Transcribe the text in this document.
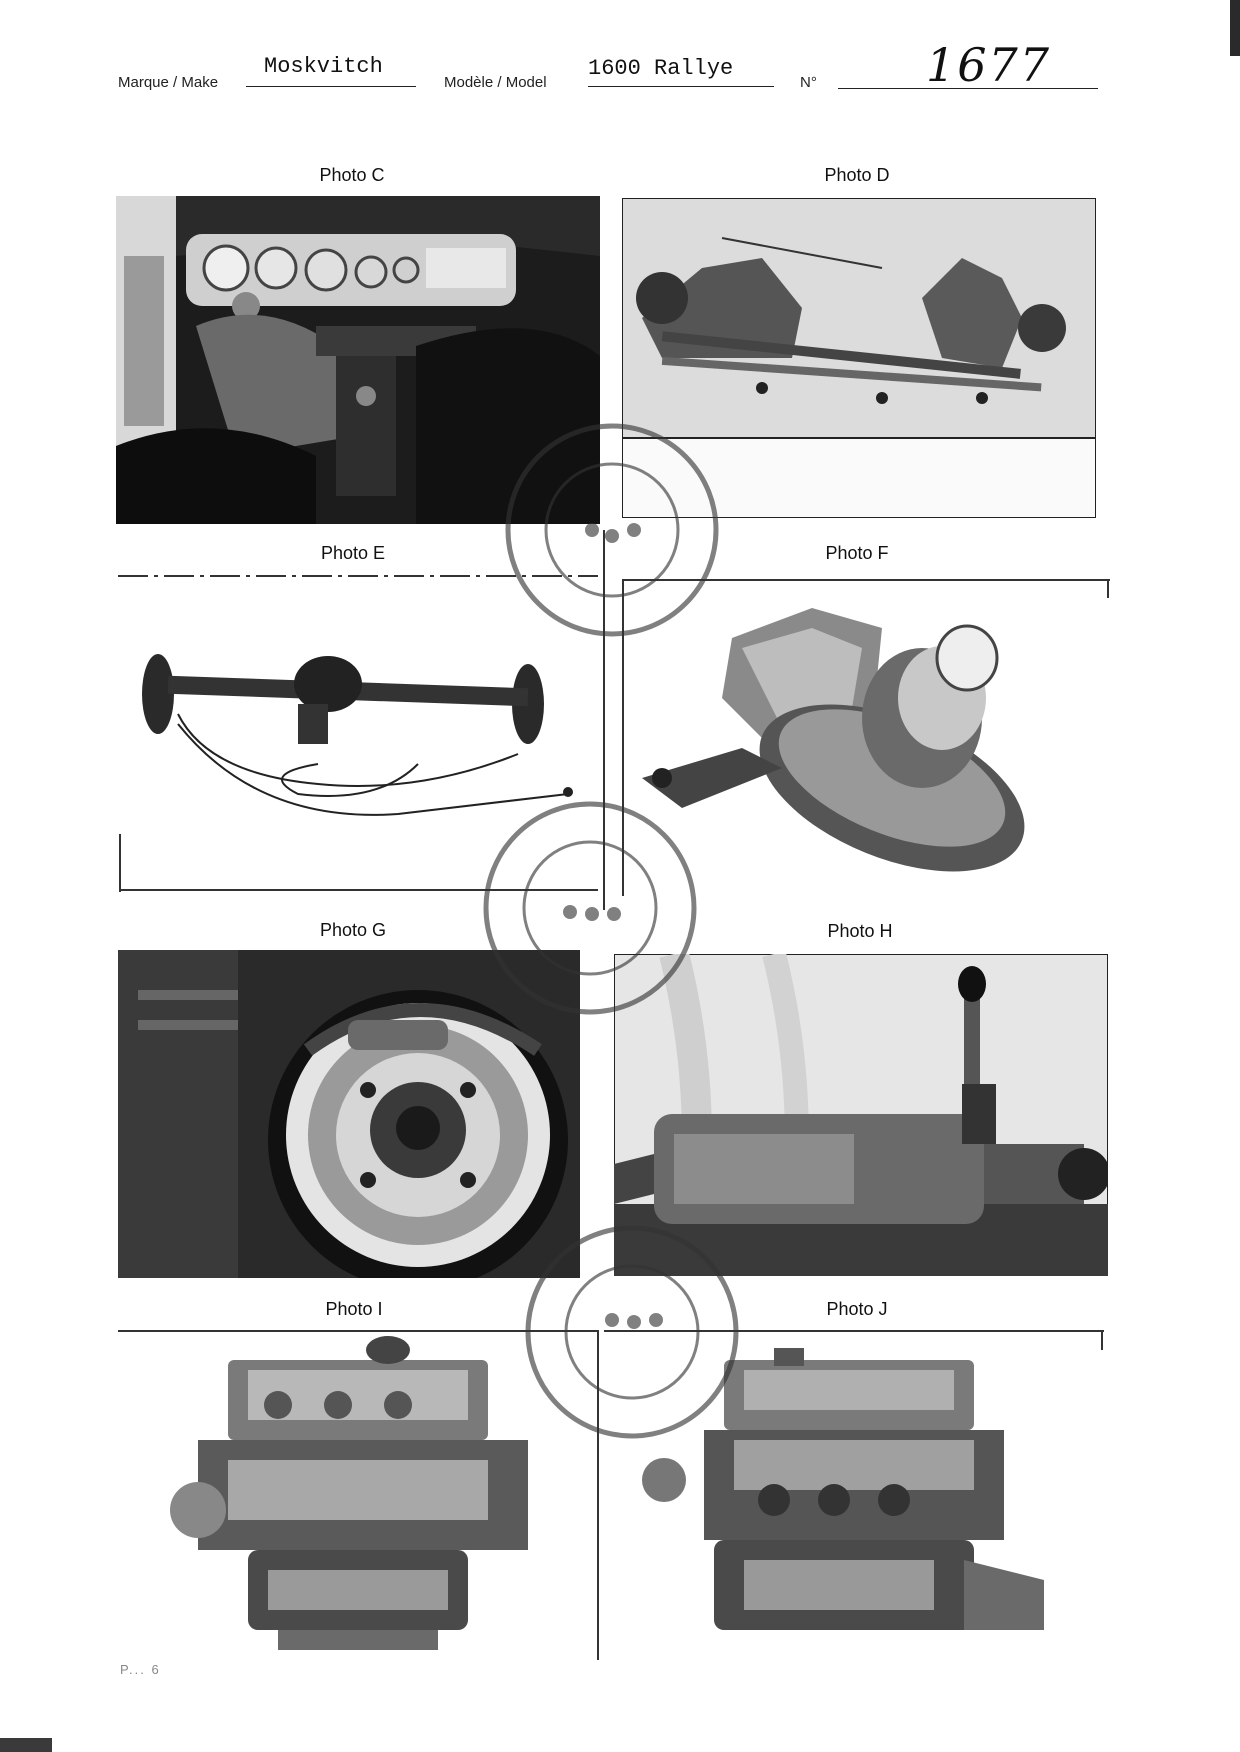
Marque / Make
Moskvitch
Modèle / Model
1600 Rallye
N° 1677
Photo C	Photo D
Photo E	Photo F
Photo G	Photo H
Photo I	Photo J
P... 6
